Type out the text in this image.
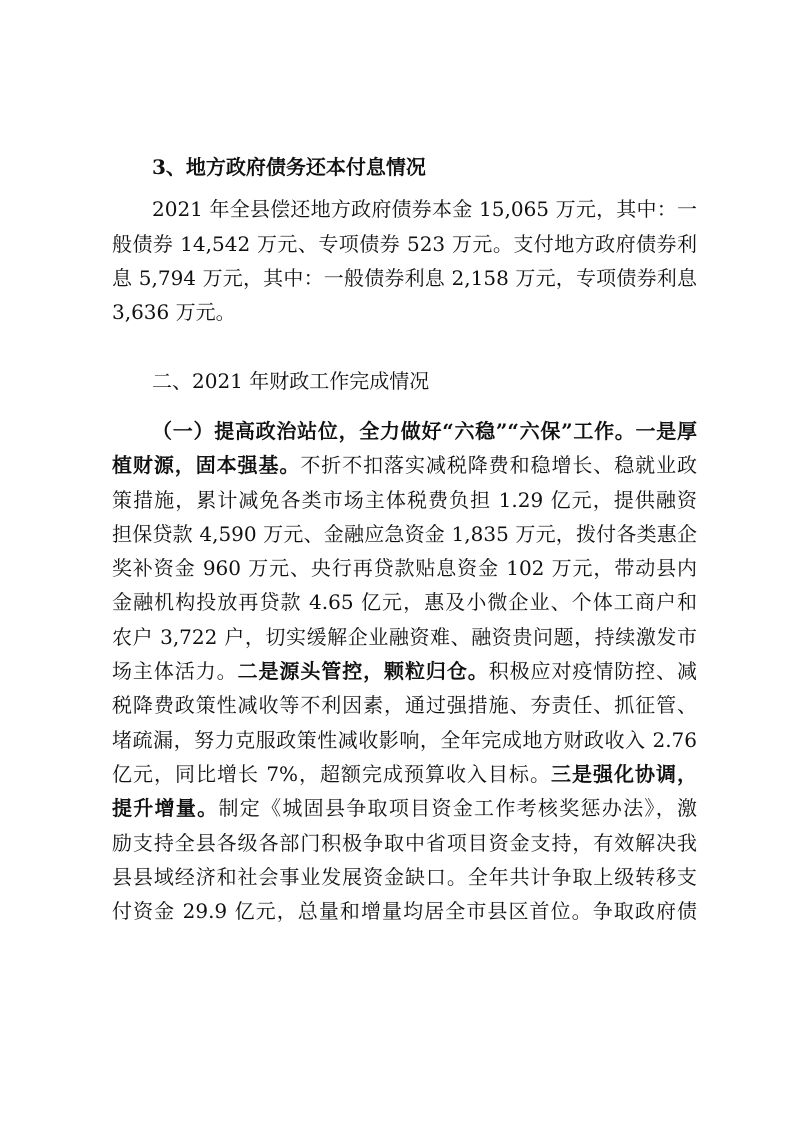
3、地方政府债务还本付息情况
2021 年全县偿还地方政府债券本金 15,065 万元，其中：一
般债券 14,542 万元、专项债券 523 万元。支付地方政府债券利
息 5,794 万元，其中：一般债券利息 2,158 万元，专项债券利息
3,636 万元。
二、2021 年财政工作完成情况
（一）提高政治站位，全力做好“六稳”“六保”工作。一是厚
植财源，固本强基。不折不扣落实减税降费和稳增长、稳就业政
策措施，累计减免各类市场主体税费负担 1.29 亿元，提供融资
担保贷款 4,590 万元、金融应急资金 1,835 万元，拨付各类惠企
奖补资金 960 万元、央行再贷款贴息资金 102 万元，带动县内
金融机构投放再贷款 4.65 亿元，惠及小微企业、个体工商户和
农户 3,722 户，切实缓解企业融资难、融资贵问题，持续激发市
场主体活力。二是源头管控，颗粒归仓。积极应对疫情防控、减
税降费政策性减收等不利因素，通过强措施、夯责任、抓征管、
堵疏漏，努力克服政策性减收影响，全年完成地方财政收入 2.76
亿元，同比增长 7%，超额完成预算收入目标。三是强化协调，
提升增量。制定《城固县争取项目资金工作考核奖惩办法》，激
励支持全县各级各部门积极争取中省项目资金支持，有效解决我
县县域经济和社会事业发展资金缺口。全年共计争取上级转移支
付资金 29.9 亿元，总量和增量均居全市县区首位。争取政府债
